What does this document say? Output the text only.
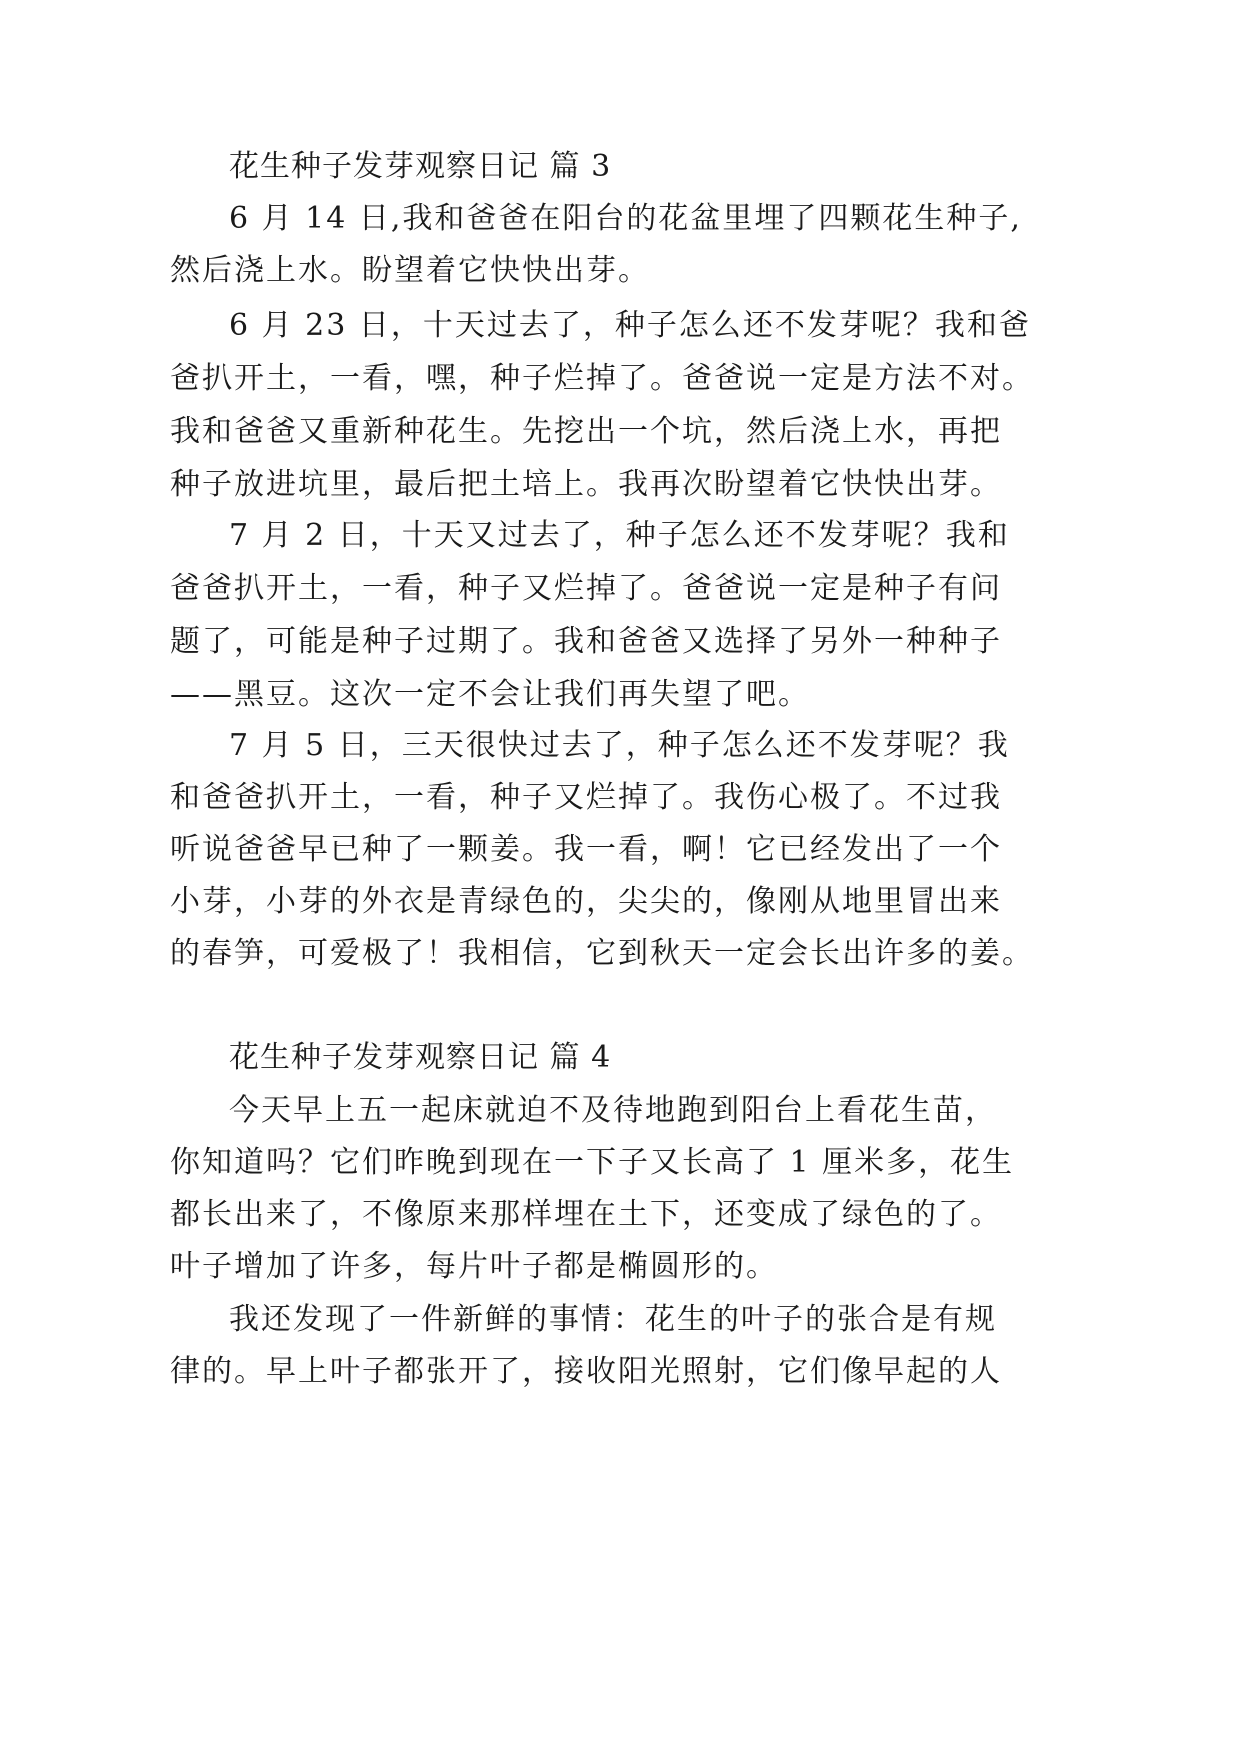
花生种子发芽观察日记 篇 3
6 月 14 日,我和爸爸在阳台的花盆里埋了四颗花生种子,
然后浇上水。盼望着它快快出芽。
6 月 23 日，十天过去了，种子怎么还不发芽呢？我和爸
爸扒开土，一看，嘿，种子烂掉了。爸爸说一定是方法不对。
我和爸爸又重新种花生。先挖出一个坑，然后浇上水，再把
种子放进坑里，最后把土培上。我再次盼望着它快快出芽。
7 月 2 日，十天又过去了，种子怎么还不发芽呢？我和
爸爸扒开土，一看，种子又烂掉了。爸爸说一定是种子有问
题了，可能是种子过期了。我和爸爸又选择了另外一种种子
——黑豆。这次一定不会让我们再失望了吧。
7 月 5 日，三天很快过去了，种子怎么还不发芽呢？我
和爸爸扒开土，一看，种子又烂掉了。我伤心极了。不过我
听说爸爸早已种了一颗姜。我一看，啊！它已经发出了一个
小芽，小芽的外衣是青绿色的，尖尖的，像刚从地里冒出来
的春笋，可爱极了！我相信，它到秋天一定会长出许多的姜。
花生种子发芽观察日记 篇 4
今天早上五一起床就迫不及待地跑到阳台上看花生苗，
你知道吗？它们昨晚到现在一下子又长高了 1 厘米多，花生
都长出来了，不像原来那样埋在土下，还变成了绿色的了。
叶子增加了许多，每片叶子都是椭圆形的。
我还发现了一件新鲜的事情：花生的叶子的张合是有规
律的。早上叶子都张开了，接收阳光照射，它们像早起的人
